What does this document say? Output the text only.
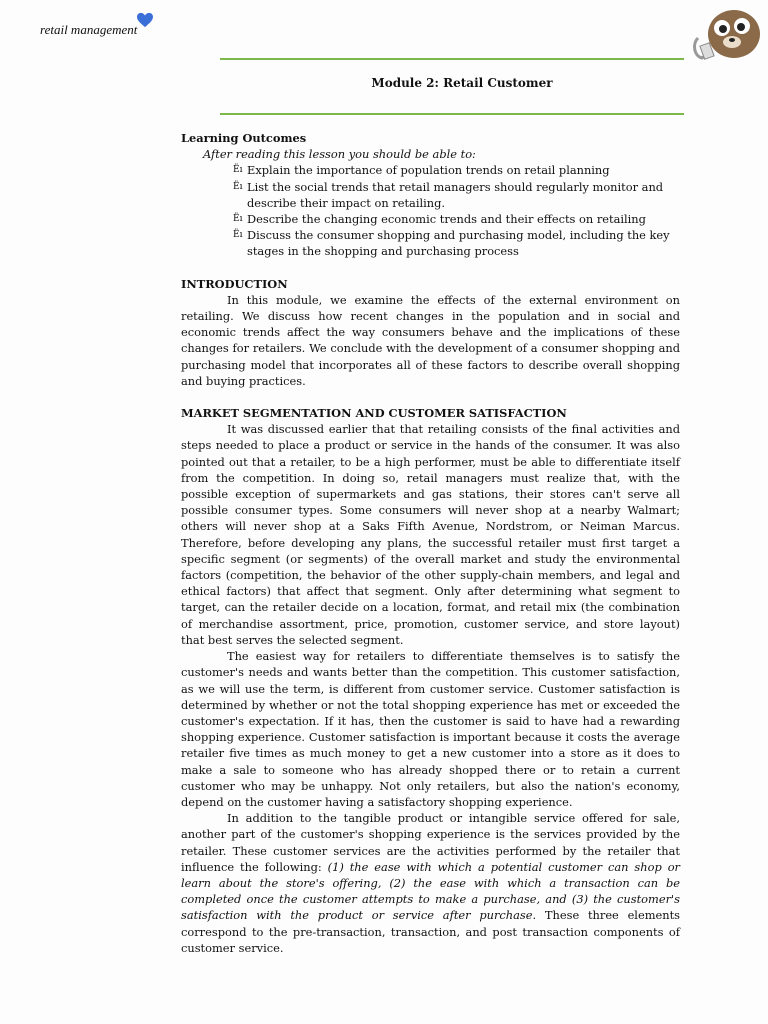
retail management
Module 2: Retail Customer

Learning Outcomes

After reading this lesson you should be able to:

Ëı Explain the importance of population trends on retail planning
Ëı List the social trends that retail managers should regularly monitor and describe their impact on retailing.
Ëı Describe the changing economic trends and their effects on retailing
Ëı Discuss the consumer shopping and purchasing model, including the key stages in the shopping and purchasing process

INTRODUCTION

In this module, we examine the effects of the external environment on retailing. We discuss how recent changes in the population and in social and economic trends affect the way consumers behave and the implications of these changes for retailers. We conclude with the development of a consumer shopping and purchasing model that incorporates all of these factors to describe overall shopping and buying practices.

MARKET SEGMENTATION AND CUSTOMER SATISFACTION

It was discussed earlier that that retailing consists of the final activities and steps needed to place a product or service in the hands of the consumer. It was also pointed out that a retailer, to be a high performer, must be able to differentiate itself from the competition. In doing so, retail managers must realize that, with the possible exception of supermarkets and gas stations, their stores can't serve all possible consumer types. Some consumers will never shop at a nearby Walmart; others will never shop at a Saks Fifth Avenue, Nordstrom, or Neiman Marcus. Therefore, before developing any plans, the successful retailer must first target a specific segment (or segments) of the overall market and study the environmental factors (competition, the behavior of the other supply-chain members, and legal and ethical factors) that affect that segment. Only after determining what segment to target, can the retailer decide on a location, format, and retail mix (the combination of merchandise assortment, price, promotion, customer service, and store layout) that best serves the selected segment.

The easiest way for retailers to differentiate themselves is to satisfy the customer's needs and wants better than the competition. This customer satisfaction, as we will use the term, is different from customer service. Customer satisfaction is determined by whether or not the total shopping experience has met or exceeded the customer's expectation. If it has, then the customer is said to have had a rewarding shopping experience. Customer satisfaction is important because it costs the average retailer five times as much money to get a new customer into a store as it does to make a sale to someone who has already shopped there or to retain a current customer who may be unhappy. Not only retailers, but also the nation's economy, depend on the customer having a satisfactory shopping experience.

In addition to the tangible product or intangible service offered for sale, another part of the customer's shopping experience is the services provided by the retailer. These customer services are the activities performed by the retailer that influence the following: (1) the ease with which a potential customer can shop or learn about the store's offering, (2) the ease with which a transaction can be completed once the customer attempts to make a purchase, and (3) the customer's satisfaction with the product or service after purchase. These three elements correspond to the pre-transaction, transaction, and post transaction components of customer service.
